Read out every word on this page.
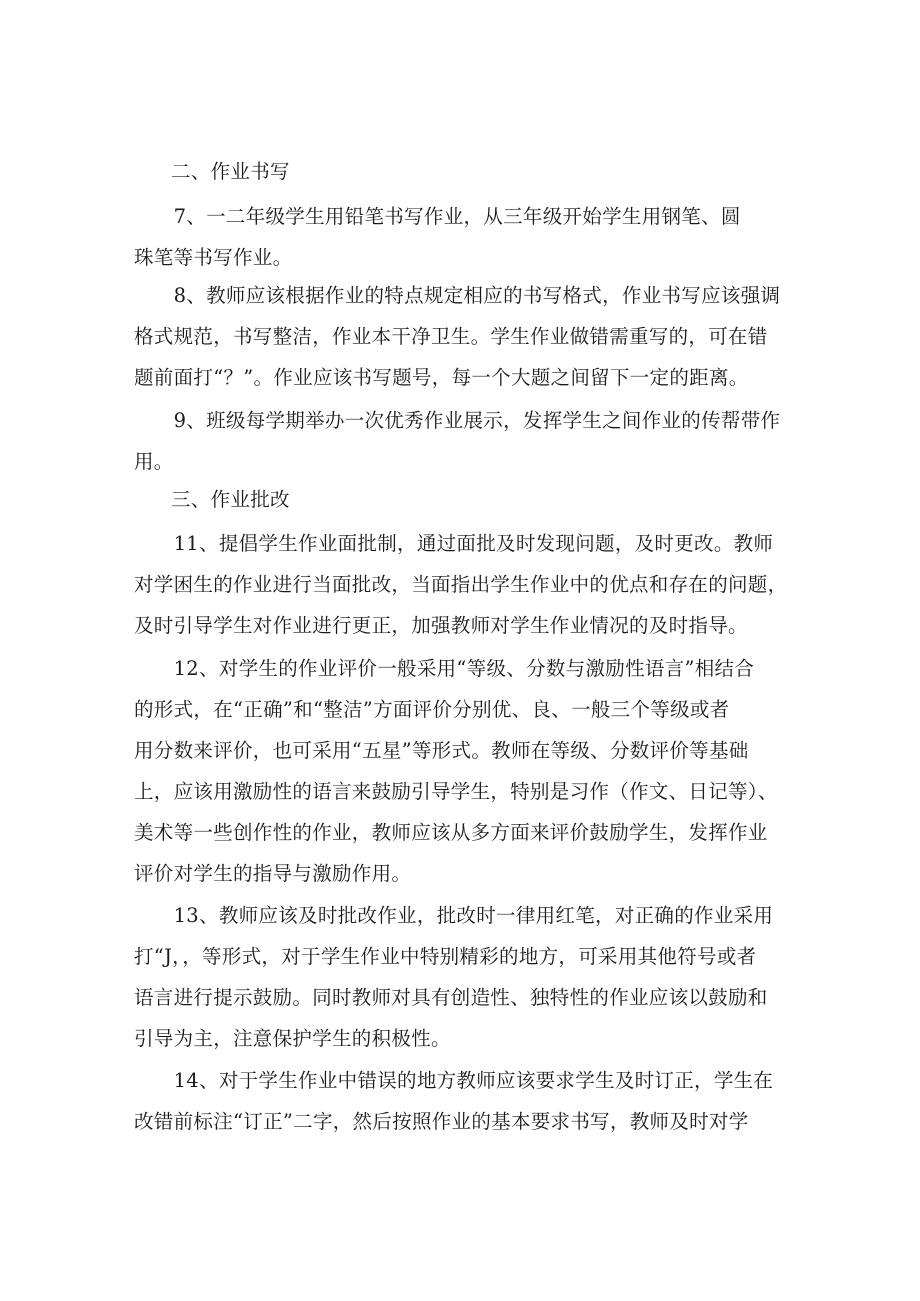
二、作业书写
　　7、一二年级学生用铅笔书写作业，从三年级开始学生用钢笔、圆
珠笔等书写作业。
　　8、教师应该根据作业的特点规定相应的书写格式，作业书写应该强调
格式规范，书写整洁，作业本干净卫生。学生作业做错需重写的，可在错
题前面打“？”。作业应该书写题号，每一个大题之间留下一定的距离。
　　9、班级每学期举办一次优秀作业展示，发挥学生之间作业的传帮带作
用。
三、作业批改
　　11、提倡学生作业面批制，通过面批及时发现问题，及时更改。教师
对学困生的作业进行当面批改，当面指出学生作业中的优点和存在的问题，
及时引导学生对作业进行更正，加强教师对学生作业情况的及时指导。
　　12、对学生的作业评价一般采用“等级、分数与激励性语言”相结合
的形式，在“正确”和“整洁”方面评价分别优、良、一般三个等级或者
用分数来评价，也可采用“五星”等形式。教师在等级、分数评价等基础
上，应该用激励性的语言来鼓励引导学生，特别是习作（作文、日记等）、
美术等一些创作性的作业，教师应该从多方面来评价鼓励学生，发挥作业
评价对学生的指导与激励作用。
　　13、教师应该及时批改作业，批改时一律用红笔，对正确的作业采用
打“J，，等形式，对于学生作业中特别精彩的地方，可采用其他符号或者
语言进行提示鼓励。同时教师对具有创造性、独特性的作业应该以鼓励和
引导为主，注意保护学生的积极性。
　　14、对于学生作业中错误的地方教师应该要求学生及时订正，学生在
改错前标注“订正”二字，然后按照作业的基本要求书写，教师及时对学
